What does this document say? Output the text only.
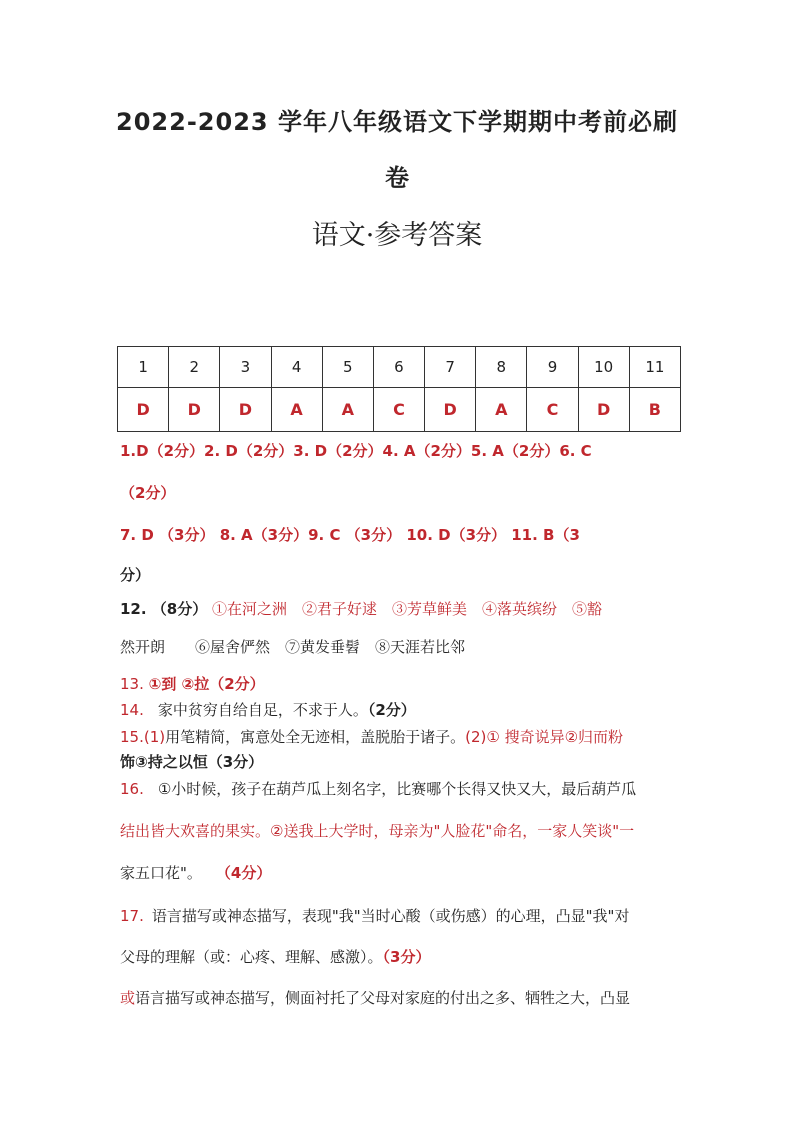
2022-2023 学年八年级语文下学期期中考前必刷
卷
语文·参考答案
1	2	3	4	5	6	7	8	9	10	11
D	D	D	A	A	C	D	A	C	D	B
1.D（2分）2. D（2分）3. D（2分）4. A（2分）5. A（2分）6. C
（2分）
7. D （3分） 8. A（3分）9. C （3分） 10. D（3分） 11. B（3
分）
12. （8分） ①在河之洲　②君子好逑　③芳草鲜美　④落英缤纷　⑤豁
然开朗　　⑥屋舍俨然　⑦黄发垂髫　⑧天涯若比邻
13. ①到 ②拉（2分）
14. 家中贫穷自给自足，不求于人。（2分）
15.(1)用笔精简，寓意处全无迹相，盖脱胎于诸子。(2)① 搜奇说异②归而粉
饰③持之以恒（3分）
16. ①小时候，孩子在葫芦瓜上刻名字，比赛哪个长得又快又大，最后葫芦瓜
结出皆大欢喜的果实。②送我上大学时，母亲为"人脸花"命名，一家人笑谈"一
家五口花"。 （4分）
17. 语言描写或神态描写，表现"我"当时心酸（或伤感）的心理，凸显"我"对
父母的理解（或：心疼、理解、感激）。（3分）
或语言描写或神态描写，侧面衬托了父母对家庭的付出之多、牺牲之大，凸显
